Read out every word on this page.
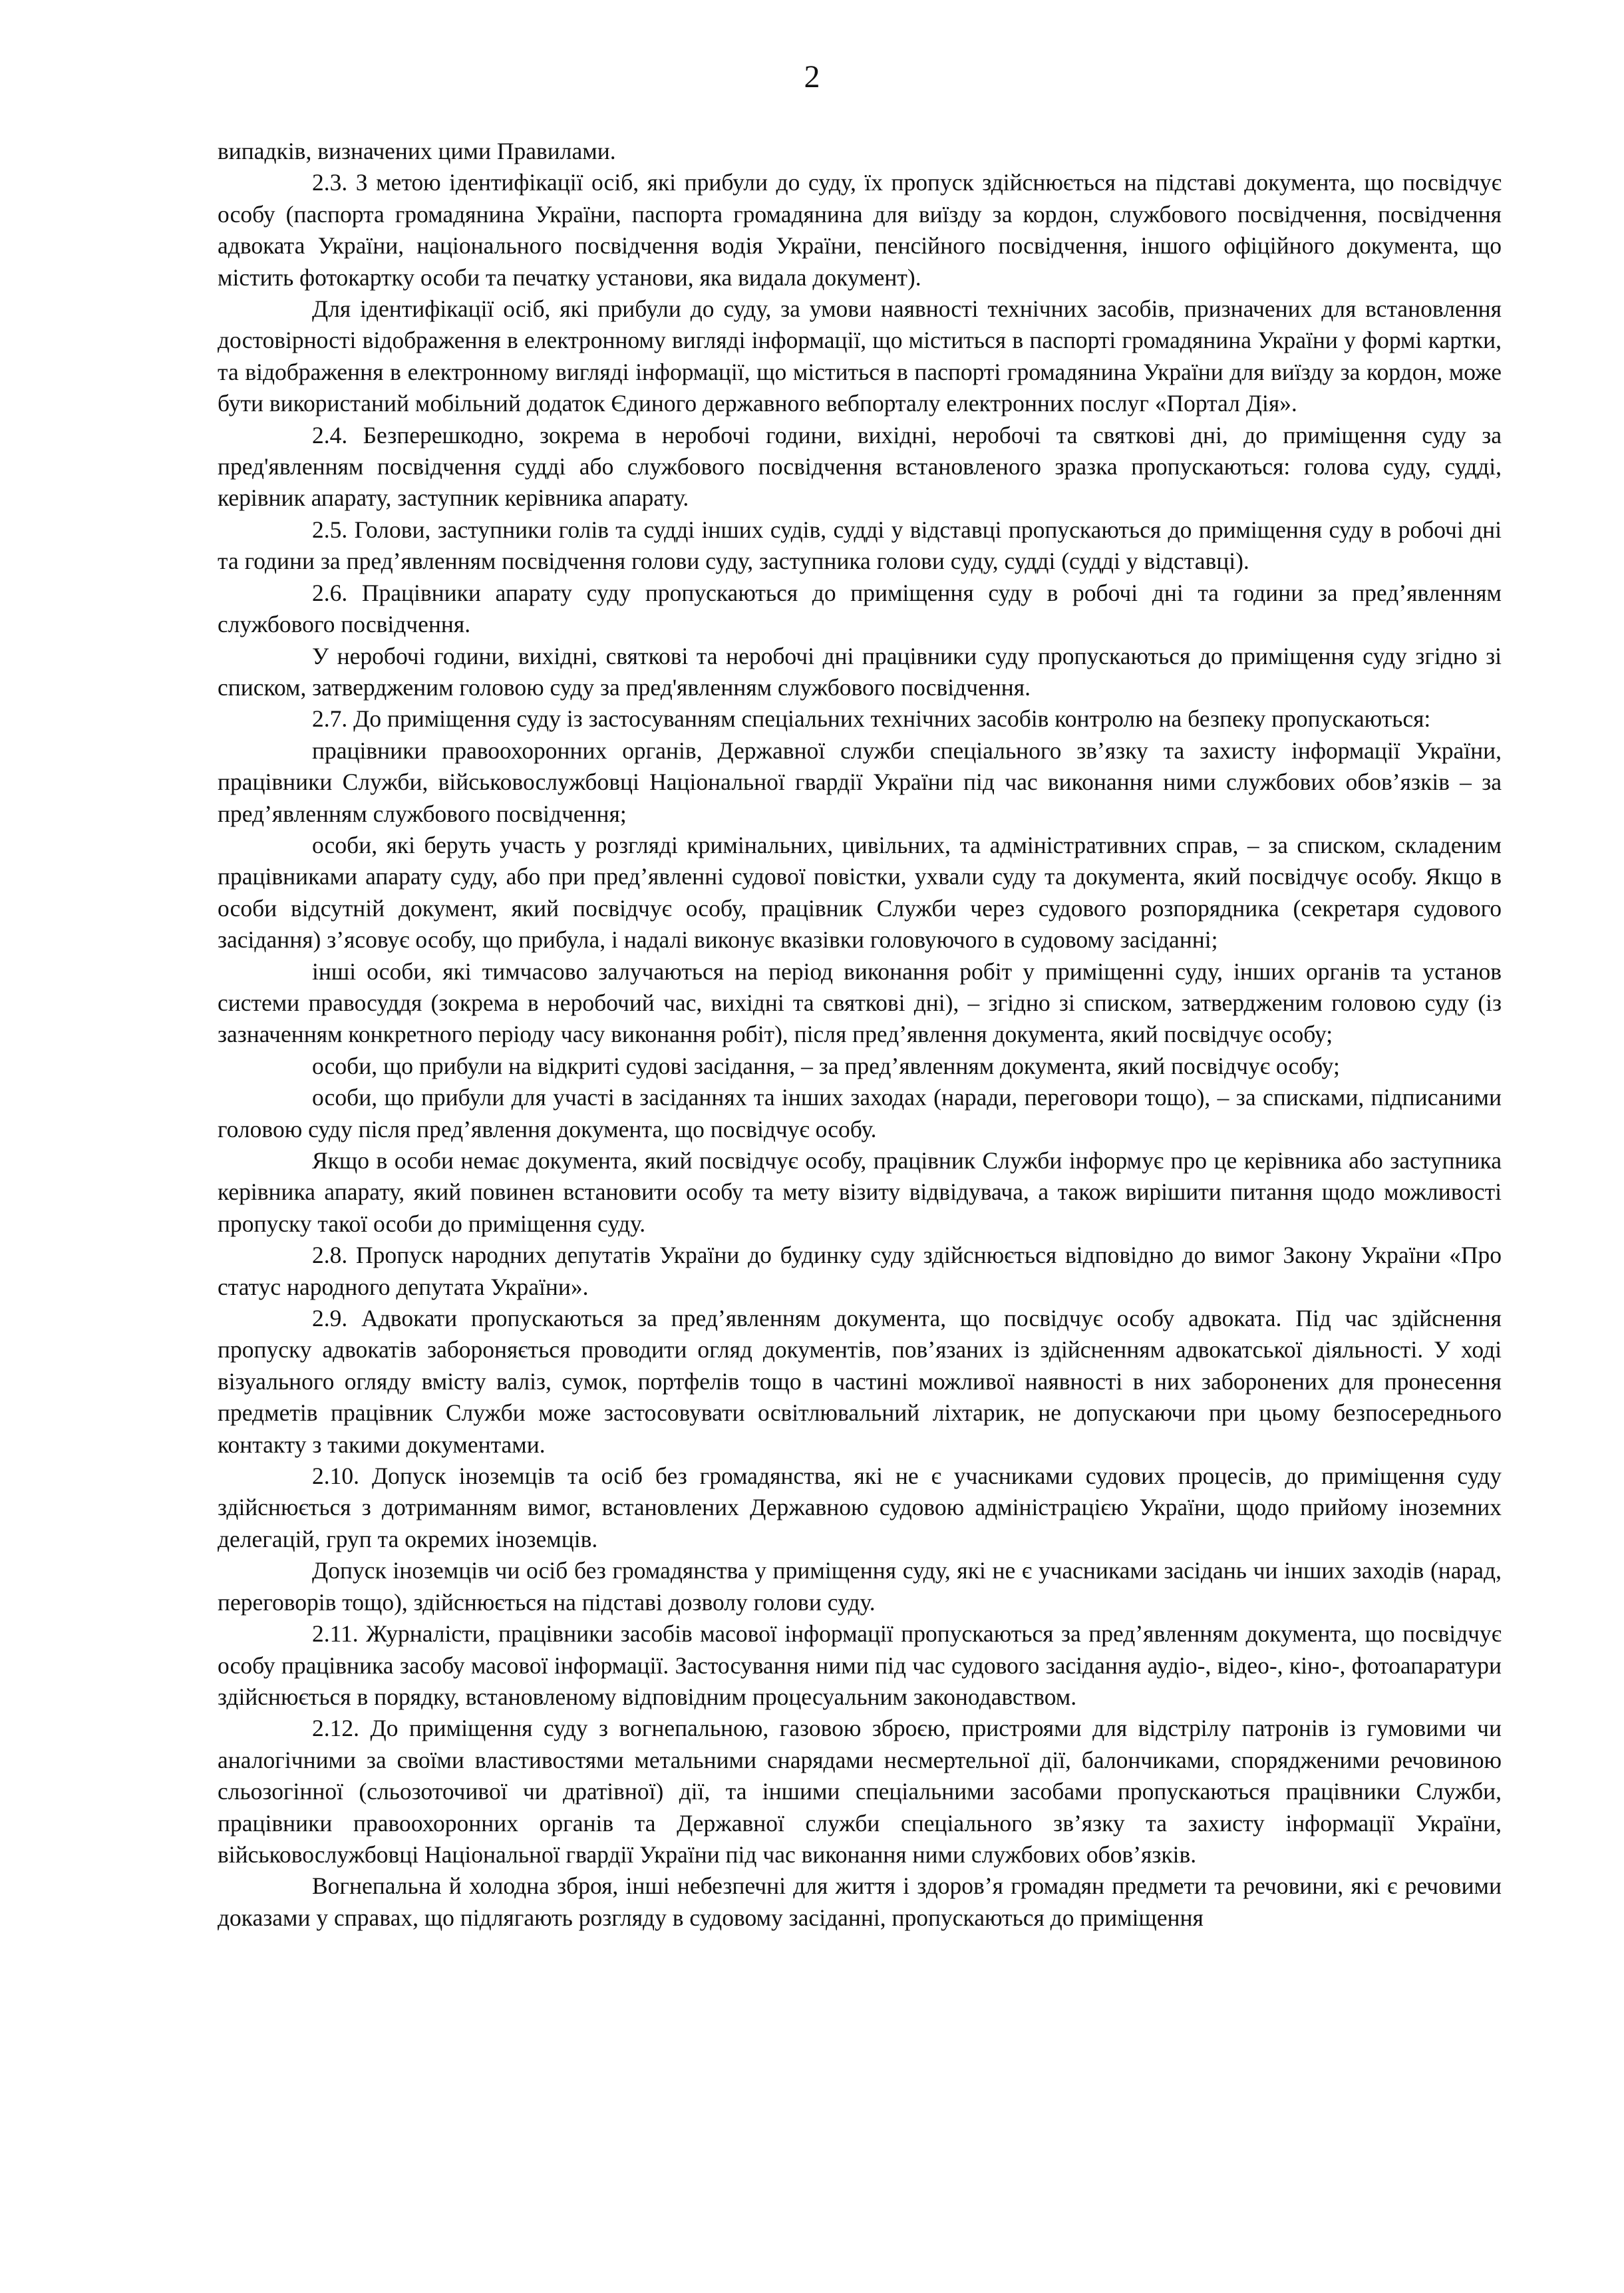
2

випадків, визначених цими Правилами.

2.3. З метою ідентифікації осіб, які прибули до суду, їх пропуск здійснюється на підставі документа, що посвідчує особу (паспорта громадянина України, паспорта громадянина для виїзду за кордон, службового посвідчення, посвідчення адвоката України, національного посвідчення водія України, пенсійного посвідчення, іншого офіційного документа, що містить фотокартку особи та печатку установи, яка видала документ).

Для ідентифікації осіб, які прибули до суду, за умови наявності технічних засобів, призначених для встановлення достовірності відображення в електронному вигляді інформації, що міститься в паспорті громадянина України у формі картки, та відображення в електронному вигляді інформації, що міститься в паспорті громадянина України для виїзду за кордон, може бути використаний мобільний додаток Єдиного державного вебпорталу електронних послуг «Портал Дія».

2.4. Безперешкодно, зокрема в неробочі години, вихідні, неробочі та святкові дні, до приміщення суду за пред'явленням посвідчення судді або службового посвідчення встановленого зразка пропускаються: голова суду, судді, керівник апарату, заступник керівника апарату.

2.5. Голови, заступники голів та судді інших судів, судді у відставці пропускаються до приміщення суду в робочі дні та години за пред’явленням посвідчення голови суду, заступника голови суду, судді (судді у відставці).

2.6. Працівники апарату суду пропускаються до приміщення суду в робочі дні та години за пред’явленням службового посвідчення.

У неробочі години, вихідні, святкові та неробочі дні працівники суду пропускаються до приміщення суду згідно зі списком, затвердженим головою суду за пред'явленням службового посвідчення.

2.7. До приміщення суду із застосуванням спеціальних технічних засобів контролю на безпеку пропускаються:

працівники правоохоронних органів, Державної служби спеціального зв’язку та захисту інформації України, працівники Служби, військовослужбовці Національної гвардії України під час виконання ними службових обов’язків – за пред’явленням службового посвідчення;

особи, які беруть участь у розгляді кримінальних, цивільних, та адміністративних справ, – за списком, складеним працівниками апарату суду, або при пред’явленні судової повістки, ухвали суду та документа, який посвідчує особу. Якщо в особи відсутній документ, який посвідчує особу, працівник Служби через судового розпорядника (секретаря судового засідання) з’ясовує особу, що прибула, і надалі виконує вказівки головуючого в судовому засіданні;

інші особи, які тимчасово залучаються на період виконання робіт у приміщенні суду, інших органів та установ системи правосуддя (зокрема в неробочий час, вихідні та святкові дні), – згідно зі списком, затвердженим головою суду (із зазначенням конкретного періоду часу виконання робіт), після пред’явлення документа, який посвідчує особу;

особи, що прибули на відкриті судові засідання, – за пред’явленням документа, який посвідчує особу;

особи, що прибули для участі в засіданнях та інших заходах (наради, переговори тощо), – за списками, підписаними головою суду після пред’явлення документа, що посвідчує особу.

Якщо в особи немає документа, який посвідчує особу, працівник Служби інформує про це керівника або заступника керівника апарату, який повинен встановити особу та мету візиту відвідувача, а також вирішити питання щодо можливості пропуску такої особи до приміщення суду.

2.8. Пропуск народних депутатів України до будинку суду здійснюється відповідно до вимог Закону України «Про статус народного депутата України».

2.9. Адвокати пропускаються за пред’явленням документа, що посвідчує особу адвоката. Під час здійснення пропуску адвокатів забороняється проводити огляд документів, пов’язаних із здійсненням адвокатської діяльності. У ході візуального огляду вмісту валіз, сумок, портфелів тощо в частині можливої наявності в них заборонених для пронесення предметів працівник Служби може застосовувати освітлювальний ліхтарик, не допускаючи при цьому безпосереднього контакту з такими документами.

2.10. Допуск іноземців та осіб без громадянства, які не є учасниками судових процесів, до приміщення суду здійснюється з дотриманням вимог, встановлених Державною судовою адміністрацією України, щодо прийому іноземних делегацій, груп та окремих іноземців.

Допуск іноземців чи осіб без громадянства у приміщення суду, які не є учасниками засідань чи інших заходів (нарад, переговорів тощо), здійснюється на підставі дозволу голови суду.

2.11. Журналісти, працівники засобів масової інформації пропускаються за пред’явленням документа, що посвідчує особу працівника засобу масової інформації. Застосування ними під час судового засідання аудіо-, відео-, кіно-, фотоапаратури здійснюється в порядку, встановленому відповідним процесуальним законодавством.

2.12. До приміщення суду з вогнепальною, газовою зброєю, пристроями для відстрілу патронів із гумовими чи аналогічними за своїми властивостями метальними снарядами несмертельної дії, балончиками, спорядженими речовиною сльозогінної (сльозоточивої чи дратівної) дії, та іншими спеціальними засобами пропускаються працівники Служби, працівники правоохоронних органів та Державної служби спеціального зв’язку та захисту інформації України, військовослужбовці Національної гвардії України під час виконання ними службових обов’язків.

Вогнепальна й холодна зброя, інші небезпечні для життя і здоров’я громадян предмети та речовини, які є речовими доказами у справах, що підлягають розгляду в судовому засіданні, пропускаються до приміщення
